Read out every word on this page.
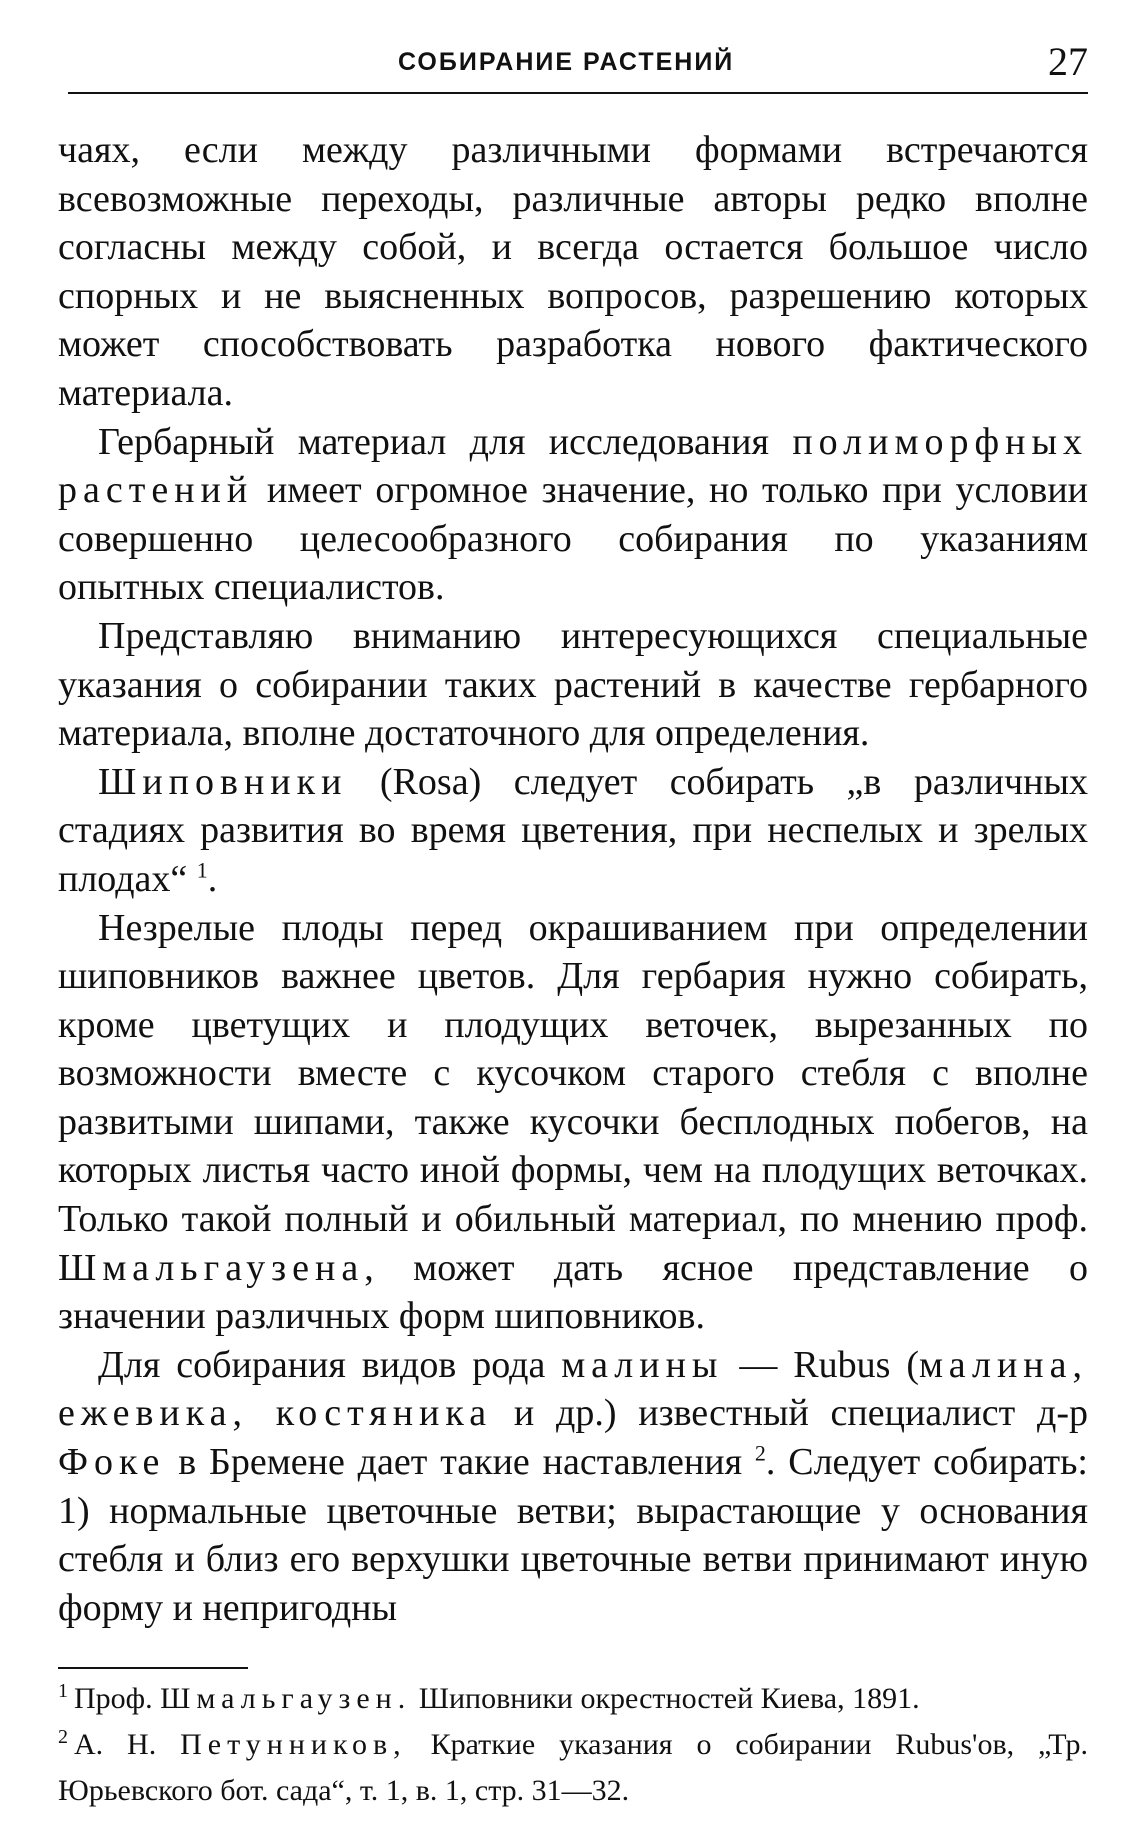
СОБИРАНИЕ РАСТЕНИЙ	27

чаях, если между различными формами встречаются всевозможные переходы, различные авторы редко вполне согласны между собой, и всегда остается большое число спорных и не выясненных вопросов, разрешению которых может способствовать разработка нового фактического материала.

Гербарный материал для исследования полиморфных растений имеет огромное значение, но только при условии совершенно целесообразного собирания по указаниям опытных специалистов.

Представляю вниманию интересующихся специальные указания о собирании таких растений в качестве гербарного материала, вполне достаточного для определения.

Шиповники (Rosa) следует собирать „в различных стадиях развития во время цветения, при неспелых и зрелых плодах“ $^1$.

Незрелые плоды перед окрашиванием при определении шиповников важнее цветов. Для гербария нужно собирать, кроме цветущих и плодущих веточек, вырезанных по возможности вместе с кусочком старого стебля с вполне развитыми шипами, также кусочки бесплодных побегов, на которых листья часто иной формы, чем на плодущих веточках. Только такой полный и обильный материал, по мнению проф. Шмальгаузена, может дать ясное представление о значении различных форм шиповников.

Для собирания видов рода малины — Rubus (малина, ежевика, костяника и др.) известный специалист д-р Фоке в Бремене дает такие наставления $^2$. Следует собирать: 1) нормальные цветочные ветви; вырастающие у основания стебля и близ его верхушки цветочные ветви принимают иную форму и непригодны

$^1$ Проф. Шмальгаузен. Шиповники окрестностей Киева, 1891.

$^2$ А. Н. Петунников, Краткие указания о собирании Rubus'ов, „Тр. Юрьевского бот. сада“, т. 1, в. 1, стр. 31—32.
